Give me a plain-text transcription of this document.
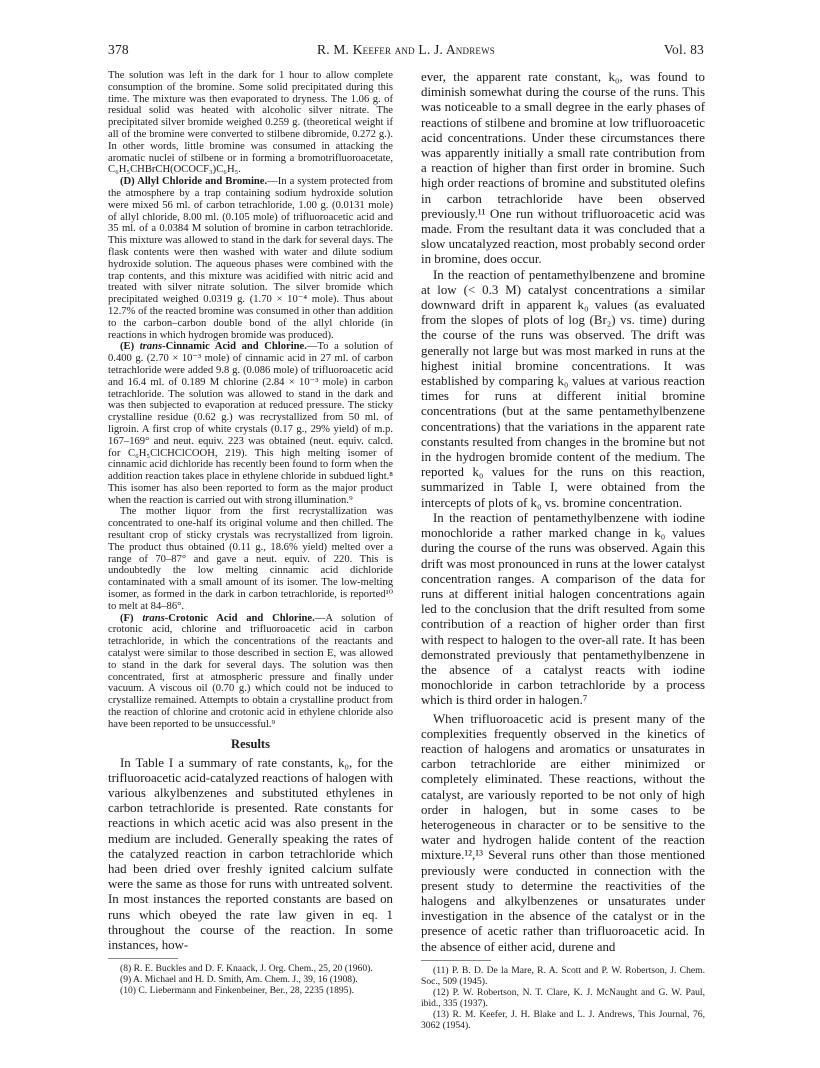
378	R. M. Keefer and L. J. Andrews	Vol. 83

The solution was left in the dark for 1 hour to allow complete consumption of the bromine. Some solid precipitated during this time. The mixture was then evaporated to dryness. The 1.06 g. of residual solid was heated with alcoholic silver nitrate. The precipitated silver bromide weighed 0.259 g. (theoretical weight if all of the bromine were converted to stilbene dibromide, 0.272 g.). In other words, little bromine was consumed in attacking the aromatic nuclei of stilbene or in forming a bromotrifluoroacetate, C₆H₅CHBrCH(OCOCF₃)C₆H₅.

(D) Allyl Chloride and Bromine.—In a system protected from the atmosphere by a trap containing sodium hydroxide solution were mixed 56 ml. of carbon tetrachloride, 1.00 g. (0.0131 mole) of allyl chloride, 8.00 ml. (0.105 mole) of trifluoroacetic acid and 35 ml. of a 0.0384 M solution of bromine in carbon tetrachloride. This mixture was allowed to stand in the dark for several days. The flask contents were then washed with water and dilute sodium hydroxide solution. The aqueous phases were combined with the trap contents, and this mixture was acidified with nitric acid and treated with silver nitrate solution. The silver bromide which precipitated weighed 0.0319 g. (1.70 × 10⁻⁴ mole). Thus about 12.7% of the reacted bromine was consumed in other than addition to the carbon–carbon double bond of the allyl chloride (in reactions in which hydrogen bromide was produced).

(E) trans-Cinnamic Acid and Chlorine.—To a solution of 0.400 g. (2.70 × 10⁻³ mole) of cinnamic acid in 27 ml. of carbon tetrachloride were added 9.8 g. (0.086 mole) of trifluoroacetic acid and 16.4 ml. of 0.189 M chlorine (2.84 × 10⁻³ mole) in carbon tetrachloride. The solution was allowed to stand in the dark and was then subjected to evaporation at reduced pressure. The sticky crystalline residue (0.62 g.) was recrystallized from 50 ml. of ligroin. A first crop of white crystals (0.17 g., 29% yield) of m.p. 167–169° and neut. equiv. 223 was obtained (neut. equiv. calcd. for C₆H₅ClCHClCOOH, 219). This high melting isomer of cinnamic acid dichloride has recently been found to form when the addition reaction takes place in ethylene chloride in subdued light.⁸ This isomer has also been reported to form as the major product when the reaction is carried out with strong illumination.⁹

The mother liquor from the first recrystallization was concentrated to one-half its original volume and then chilled. The resultant crop of sticky crystals was recrystallized from ligroin. The product thus obtained (0.11 g., 18.6% yield) melted over a range of 70–87° and gave a neut. equiv. of 220. This is undoubtedly the low melting cinnamic acid dichloride contaminated with a small amount of its isomer. The low-melting isomer, as formed in the dark in carbon tetrachloride, is reported¹⁰ to melt at 84–86°.

(F) trans-Crotonic Acid and Chlorine.—A solution of crotonic acid, chlorine and trifluoroacetic acid in carbon tetrachloride, in which the concentrations of the reactants and catalyst were similar to those described in section E, was allowed to stand in the dark for several days. The solution was then concentrated, first at atmospheric pressure and finally under vacuum. A viscous oil (0.70 g.) which could not be induced to crystallize remained. Attempts to obtain a crystalline product from the reaction of chlorine and crotonic acid in ethylene chloride also have been reported to be unsuccessful.⁹

Results

In Table I a summary of rate constants, k₀, for the trifluoroacetic acid-catalyzed reactions of halogen with various alkylbenzenes and substituted ethylenes in carbon tetrachloride is presented. Rate constants for reactions in which acetic acid was also present in the medium are included. Generally speaking the rates of the catalyzed reaction in carbon tetrachloride which had been dried over freshly ignited calcium sulfate were the same as those for runs with untreated solvent. In most instances the reported constants are based on runs which obeyed the rate law given in eq. 1 throughout the course of the reaction. In some instances, how-

(8) R. E. Buckles and D. F. Knaack, J. Org. Chem., 25, 20 (1960).

(9) A. Michael and H. D. Smith, Am. Chem. J., 39, 16 (1908).

(10) C. Liebermann and Finkenbeiner, Ber., 28, 2235 (1895).

ever, the apparent rate constant, k₀, was found to diminish somewhat during the course of the runs. This was noticeable to a small degree in the early phases of reactions of stilbene and bromine at low trifluoroacetic acid concentrations. Under these circumstances there was apparently initially a small rate contribution from a reaction of higher than first order in bromine. Such high order reactions of bromine and substituted olefins in carbon tetrachloride have been observed previously.¹¹ One run without trifluoroacetic acid was made. From the resultant data it was concluded that a slow uncatalyzed reaction, most probably second order in bromine, does occur.

In the reaction of pentamethylbenzene and bromine at low (< 0.3 M) catalyst concentrations a similar downward drift in apparent k₀ values (as evaluated from the slopes of plots of log (Br₂) vs. time) during the course of the runs was observed. The drift was generally not large but was most marked in runs at the highest initial bromine concentrations. It was established by comparing k₀ values at various reaction times for runs at different initial bromine concentrations (but at the same pentamethylbenzene concentrations) that the variations in the apparent rate constants resulted from changes in the bromine but not in the hydrogen bromide content of the medium. The reported k₀ values for the runs on this reaction, summarized in Table I, were obtained from the intercepts of plots of k₀ vs. bromine concentration.

In the reaction of pentamethylbenzene with iodine monochloride a rather marked change in k₀ values during the course of the runs was observed. Again this drift was most pronounced in runs at the lower catalyst concentration ranges. A comparison of the data for runs at different initial halogen concentrations again led to the conclusion that the drift resulted from some contribution of a reaction of higher order than first with respect to halogen to the over-all rate. It has been demonstrated previously that pentamethylbenzene in the absence of a catalyst reacts with iodine monochloride in carbon tetrachloride by a process which is third order in halogen.⁷

When trifluoroacetic acid is present many of the complexities frequently observed in the kinetics of reaction of halogens and aromatics or unsaturates in carbon tetrachloride are either minimized or completely eliminated. These reactions, without the catalyst, are variously reported to be not only of high order in halogen, but in some cases to be heterogeneous in character or to be sensitive to the water and hydrogen halide content of the reaction mixture.¹²,¹³ Several runs other than those mentioned previously were conducted in connection with the present study to determine the reactivities of the halogens and alkylbenzenes or unsaturates under investigation in the absence of the catalyst or in the presence of acetic rather than trifluoroacetic acid. In the absence of either acid, durene and

(11) P. B. D. De la Mare, R. A. Scott and P. W. Robertson, J. Chem. Soc., 509 (1945).

(12) P. W. Robertson, N. T. Clare, K. J. McNaught and G. W. Paul, ibid., 335 (1937).

(13) R. M. Keefer, J. H. Blake and L. J. Andrews, This Journal, 76, 3062 (1954).
